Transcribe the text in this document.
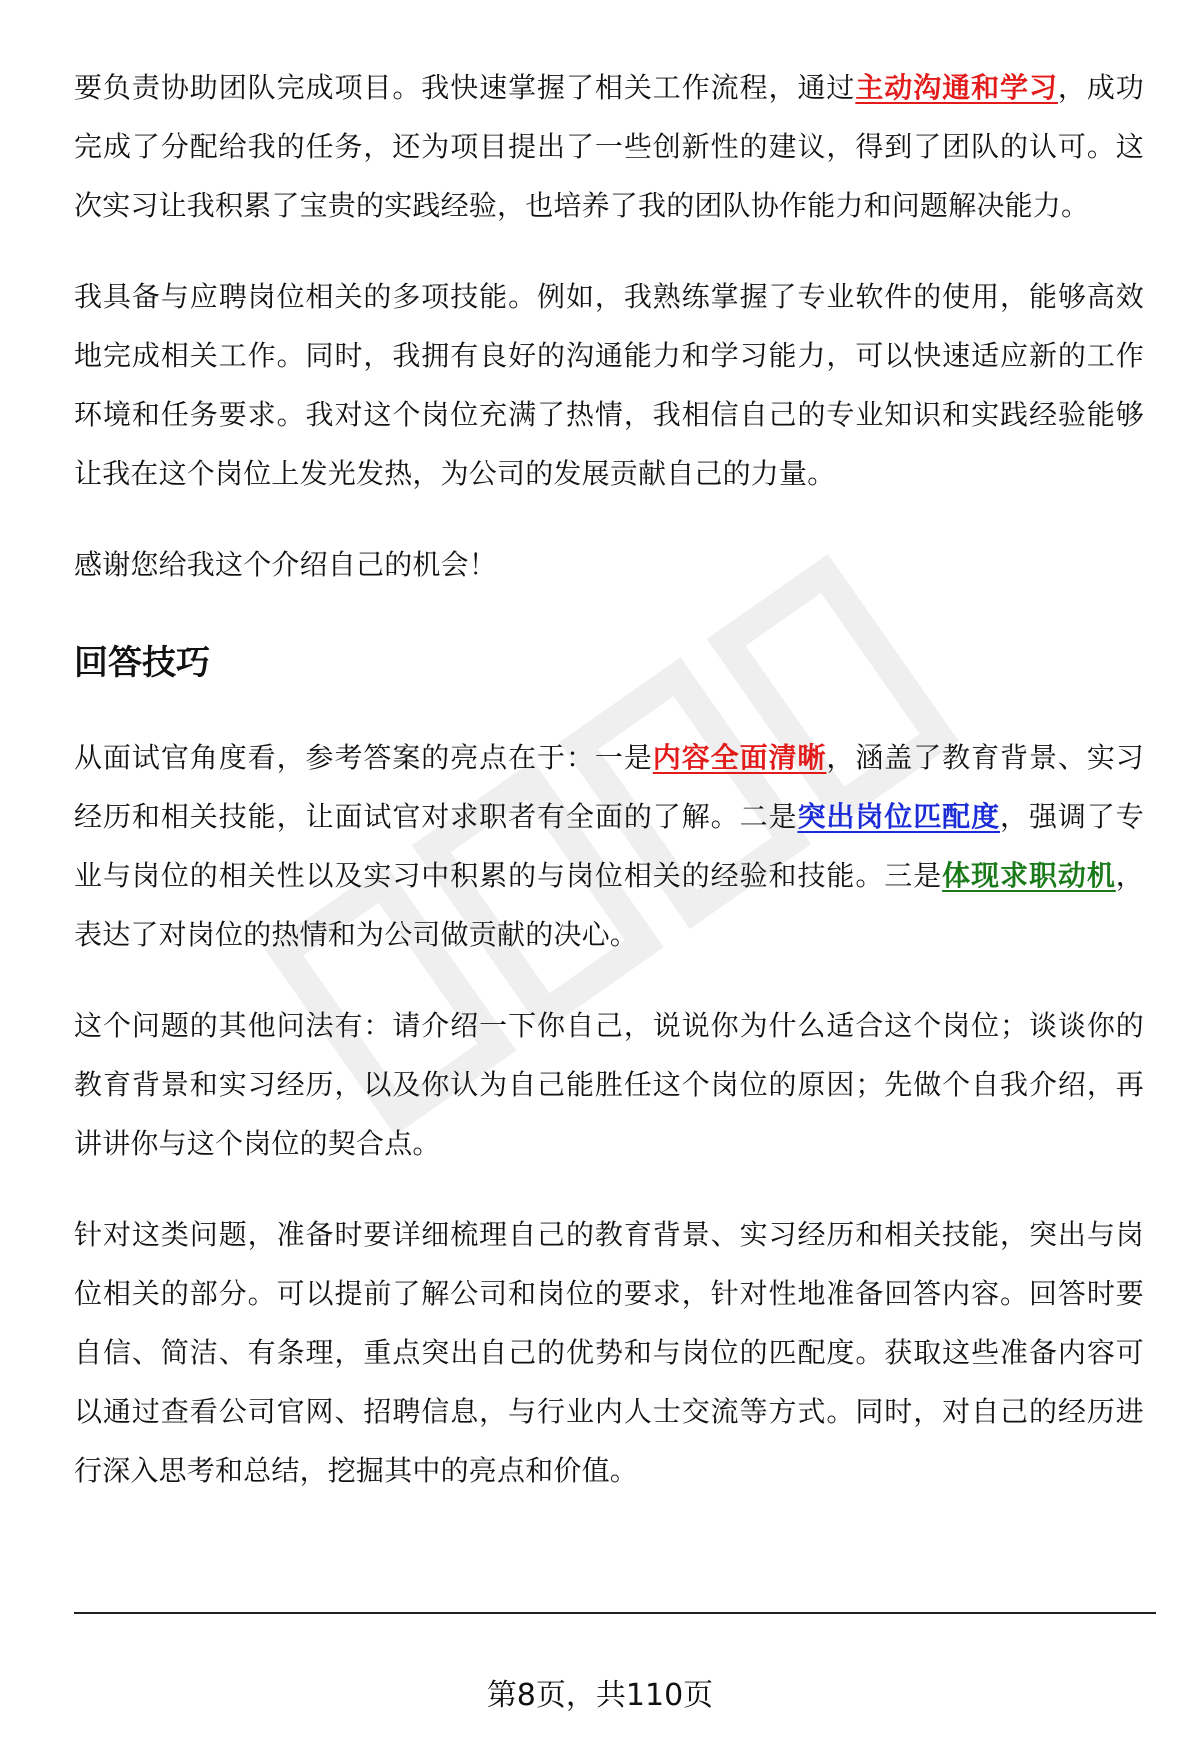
要负责协助团队完成项目。我快速掌握了相关工作流程，通过主动沟通和学习，成功完成了分配给我的任务，还为项目提出了一些创新性的建议，得到了团队的认可。这次实习让我积累了宝贵的实践经验，也培养了我的团队协作能力和问题解决能力。

我具备与应聘岗位相关的多项技能。例如，我熟练掌握了专业软件的使用，能够高效地完成相关工作。同时，我拥有良好的沟通能力和学习能力，可以快速适应新的工作环境和任务要求。我对这个岗位充满了热情，我相信自己的专业知识和实践经验能够让我在这个岗位上发光发热，为公司的发展贡献自己的力量。

感谢您给我这个介绍自己的机会！

回答技巧

从面试官角度看，参考答案的亮点在于：一是内容全面清晰，涵盖了教育背景、实习经历和相关技能，让面试官对求职者有全面的了解。二是突出岗位匹配度，强调了专业与岗位的相关性以及实习中积累的与岗位相关的经验和技能。三是体现求职动机，表达了对岗位的热情和为公司做贡献的决心。

这个问题的其他问法有：请介绍一下你自己，说说你为什么适合这个岗位；谈谈你的教育背景和实习经历，以及你认为自己能胜任这个岗位的原因；先做个自我介绍，再讲讲你与这个岗位的契合点。

针对这类问题，准备时要详细梳理自己的教育背景、实习经历和相关技能，突出与岗位相关的部分。可以提前了解公司和岗位的要求，针对性地准备回答内容。回答时要自信、简洁、有条理，重点突出自己的优势和与岗位的匹配度。获取这些准备内容可以通过查看公司官网、招聘信息，与行业内人士交流等方式。同时，对自己的经历进行深入思考和总结，挖掘其中的亮点和价值。

第8页，共110页
